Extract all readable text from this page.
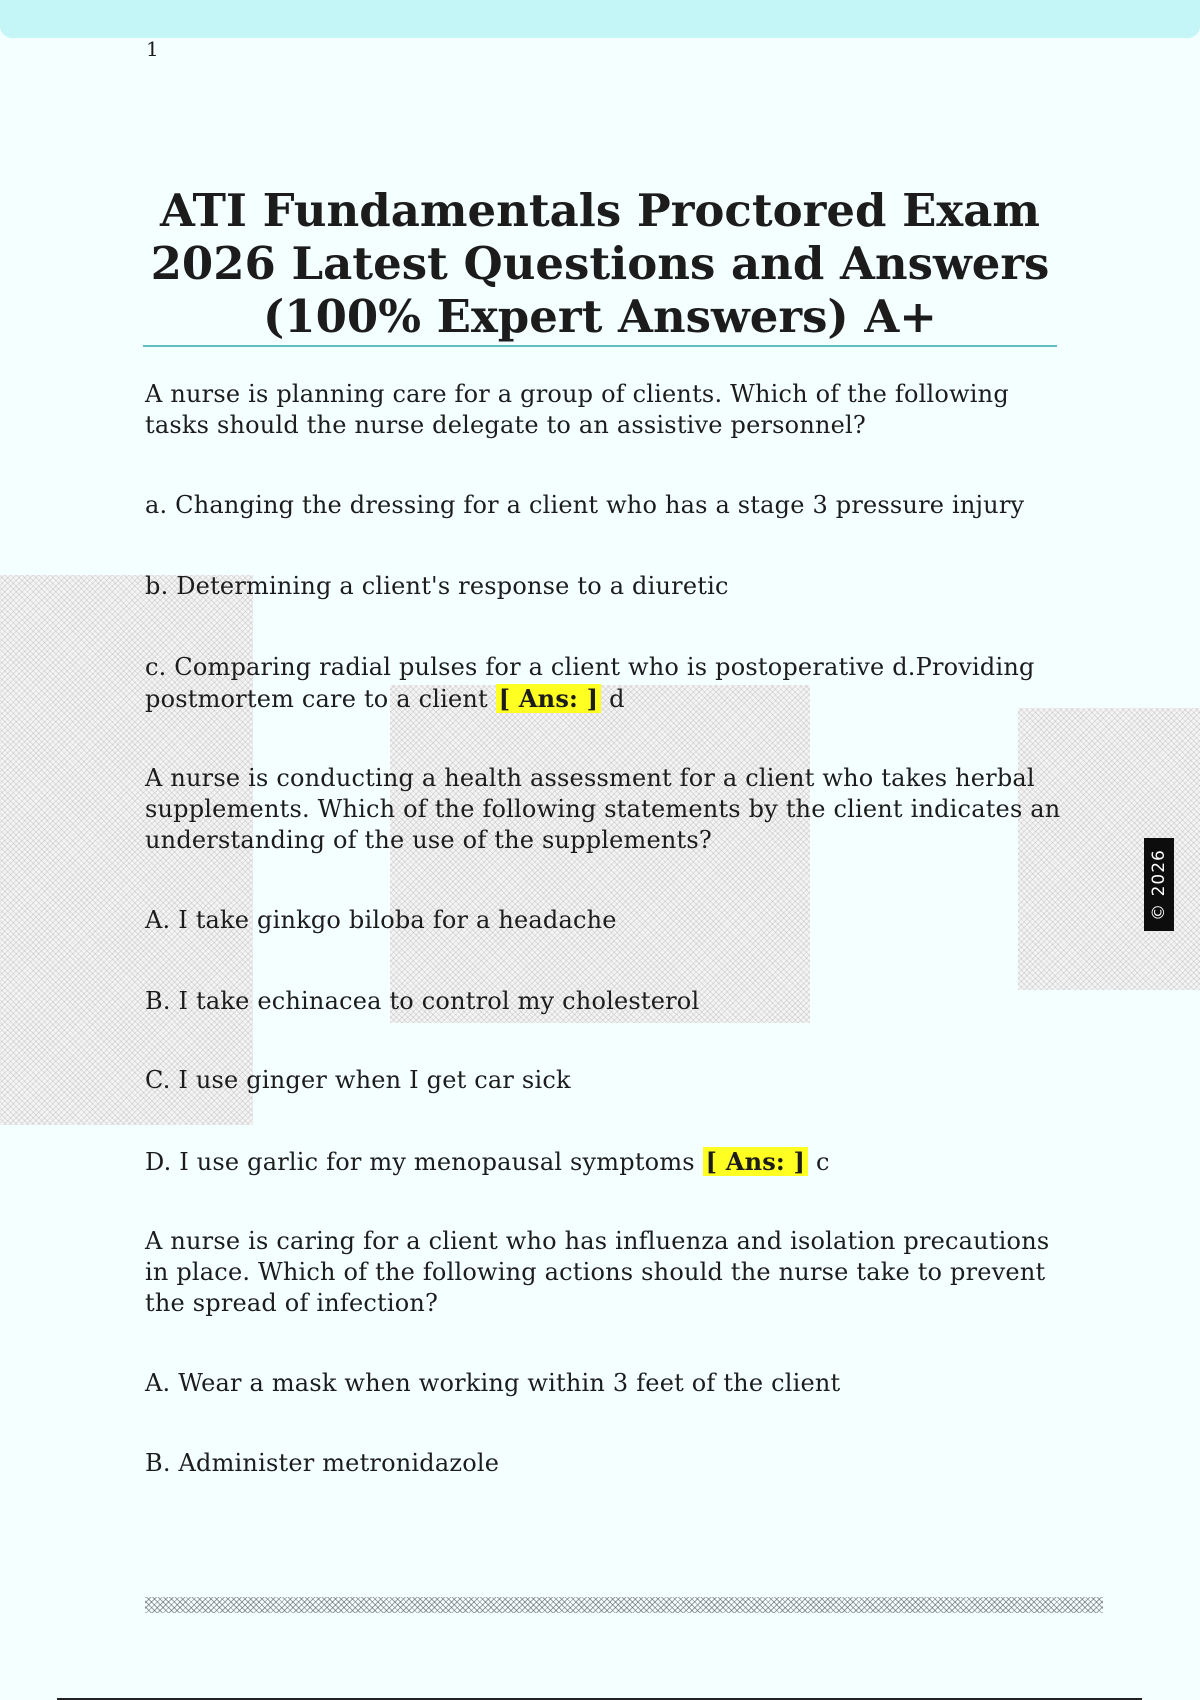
1
ATI Fundamentals Proctored Exam 2026 Latest Questions and Answers (100% Expert Answers) A+

A nurse is planning care for a group of clients. Which of the following tasks should the nurse delegate to an assistive personnel?

a. Changing the dressing for a client who has a stage 3 pressure injury

b. Determining a client's response to a diuretic

c. Comparing radial pulses for a client who is postoperative d.Providing postmortem care to a client [ Ans: ] d

A nurse is conducting a health assessment for a client who takes herbal supplements. Which of the following statements by the client indicates an understanding of the use of the supplements?

A. I take ginkgo biloba for a headache

B. I take echinacea to control my cholesterol

C. I use ginger when I get car sick

D. I use garlic for my menopausal symptoms [ Ans: ] c

A nurse is caring for a client who has influenza and isolation precautions in place. Which of the following actions should the nurse take to prevent the spread of infection?

A. Wear a mask when working within 3 feet of the client

B. Administer metronidazole

© 2026
